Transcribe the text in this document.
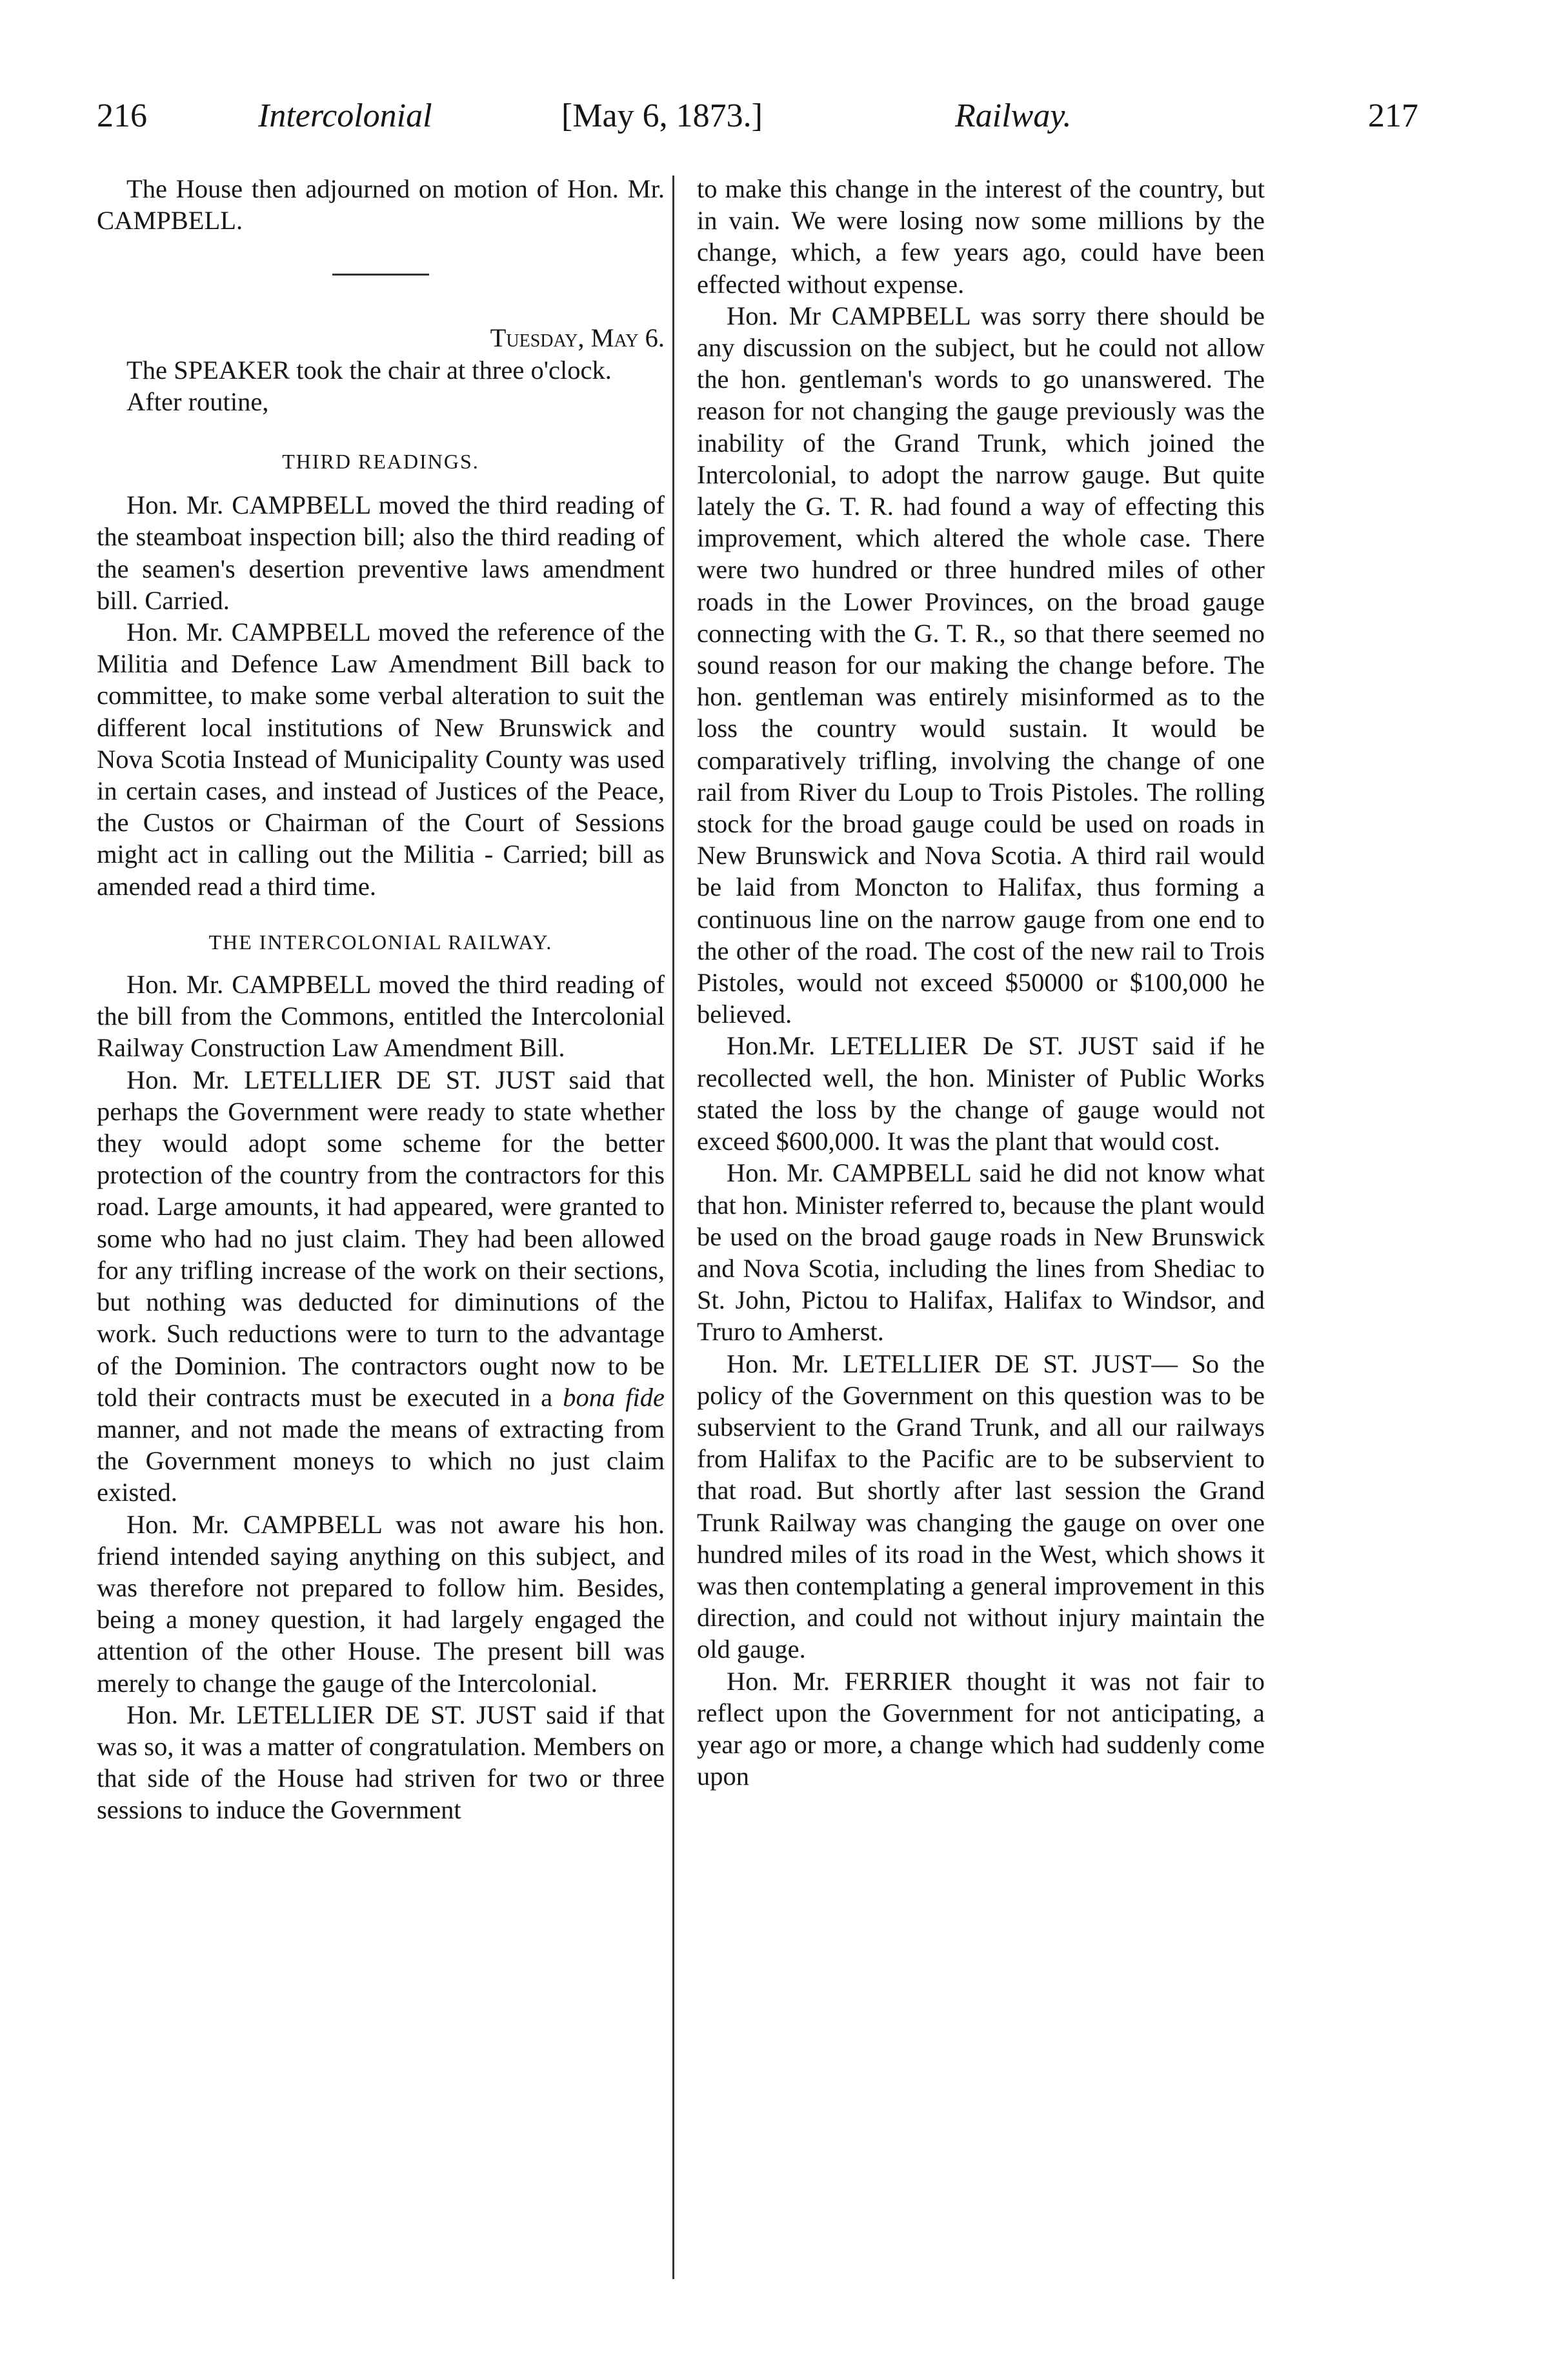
216	Intercolonial	[May 6, 1873.]	Railway.	217

The House then adjourned on motion of Hon. Mr. CAMPBELL.

Tuesday, May 6.

The SPEAKER took the chair at three o'clock.

After routine,

THIRD READINGS.

Hon. Mr. CAMPBELL moved the third reading of the steamboat inspection bill; also the third reading of the seamen's desertion preventive laws amendment bill. Carried.

Hon. Mr. CAMPBELL moved the reference of the Militia and Defence Law Amendment Bill back to committee, to make some verbal alteration to suit the different local institutions of New Brunswick and Nova Scotia Instead of Municipality County was used in certain cases, and instead of Justices of the Peace, the Custos or Chairman of the Court of Sessions might act in calling out the Militia - Carried; bill as amended read a third time.

THE INTERCOLONIAL RAILWAY.

Hon. Mr. CAMPBELL moved the third reading of the bill from the Commons, entitled the Intercolonial Railway Construction Law Amendment Bill.

Hon. Mr. LETELLIER DE ST. JUST said that perhaps the Government were ready to state whether they would adopt some scheme for the better protection of the country from the contractors for this road. Large amounts, it had appeared, were granted to some who had no just claim. They had been allowed for any trifling increase of the work on their sections, but nothing was deducted for diminutions of the work. Such reductions were to turn to the advantage of the Dominion. The contractors ought now to be told their contracts must be executed in a bona fide manner, and not made the means of extracting from the Government moneys to which no just claim existed.

Hon. Mr. CAMPBELL was not aware his hon. friend intended saying anything on this subject, and was therefore not prepared to follow him. Besides, being a money question, it had largely engaged the attention of the other House. The present bill was merely to change the gauge of the Intercolonial.

Hon. Mr. LETELLIER DE ST. JUST said if that was so, it was a matter of congratulation. Members on that side of the House had striven for two or three sessions to induce the Government

to make this change in the interest of the country, but in vain. We were losing now some millions by the change, which, a few years ago, could have been effected without expense.

Hon. Mr CAMPBELL was sorry there should be any discussion on the subject, but he could not allow the hon. gentleman's words to go unanswered. The reason for not changing the gauge previously was the inability of the Grand Trunk, which joined the Intercolonial, to adopt the narrow gauge. But quite lately the G. T. R. had found a way of effecting this improvement, which altered the whole case. There were two hundred or three hundred miles of other roads in the Lower Provinces, on the broad gauge connecting with the G. T. R., so that there seemed no sound reason for our making the change before. The hon. gentleman was entirely misinformed as to the loss the country would sustain. It would be comparatively trifling, involving the change of one rail from River du Loup to Trois Pistoles. The rolling stock for the broad gauge could be used on roads in New Brunswick and Nova Scotia. A third rail would be laid from Moncton to Halifax, thus forming a continuous line on the narrow gauge from one end to the other of the road. The cost of the new rail to Trois Pistoles, would not exceed $50000 or $100,000 he believed.

Hon.Mr. LETELLIER De ST. JUST said if he recollected well, the hon. Minister of Public Works stated the loss by the change of gauge would not exceed $600,000. It was the plant that would cost.

Hon. Mr. CAMPBELL said he did not know what that hon. Minister referred to, because the plant would be used on the broad gauge roads in New Brunswick and Nova Scotia, including the lines from Shediac to St. John, Pictou to Halifax, Halifax to Windsor, and Truro to Amherst.

Hon. Mr. LETELLIER DE ST. JUST— So the policy of the Government on this question was to be subservient to the Grand Trunk, and all our railways from Halifax to the Pacific are to be subservient to that road. But shortly after last session the Grand Trunk Railway was changing the gauge on over one hundred miles of its road in the West, which shows it was then contemplating a general improvement in this direction, and could not without injury maintain the old gauge.

Hon. Mr. FERRIER thought it was not fair to reflect upon the Government for not anticipating, a year ago or more, a change which had suddenly come upon
